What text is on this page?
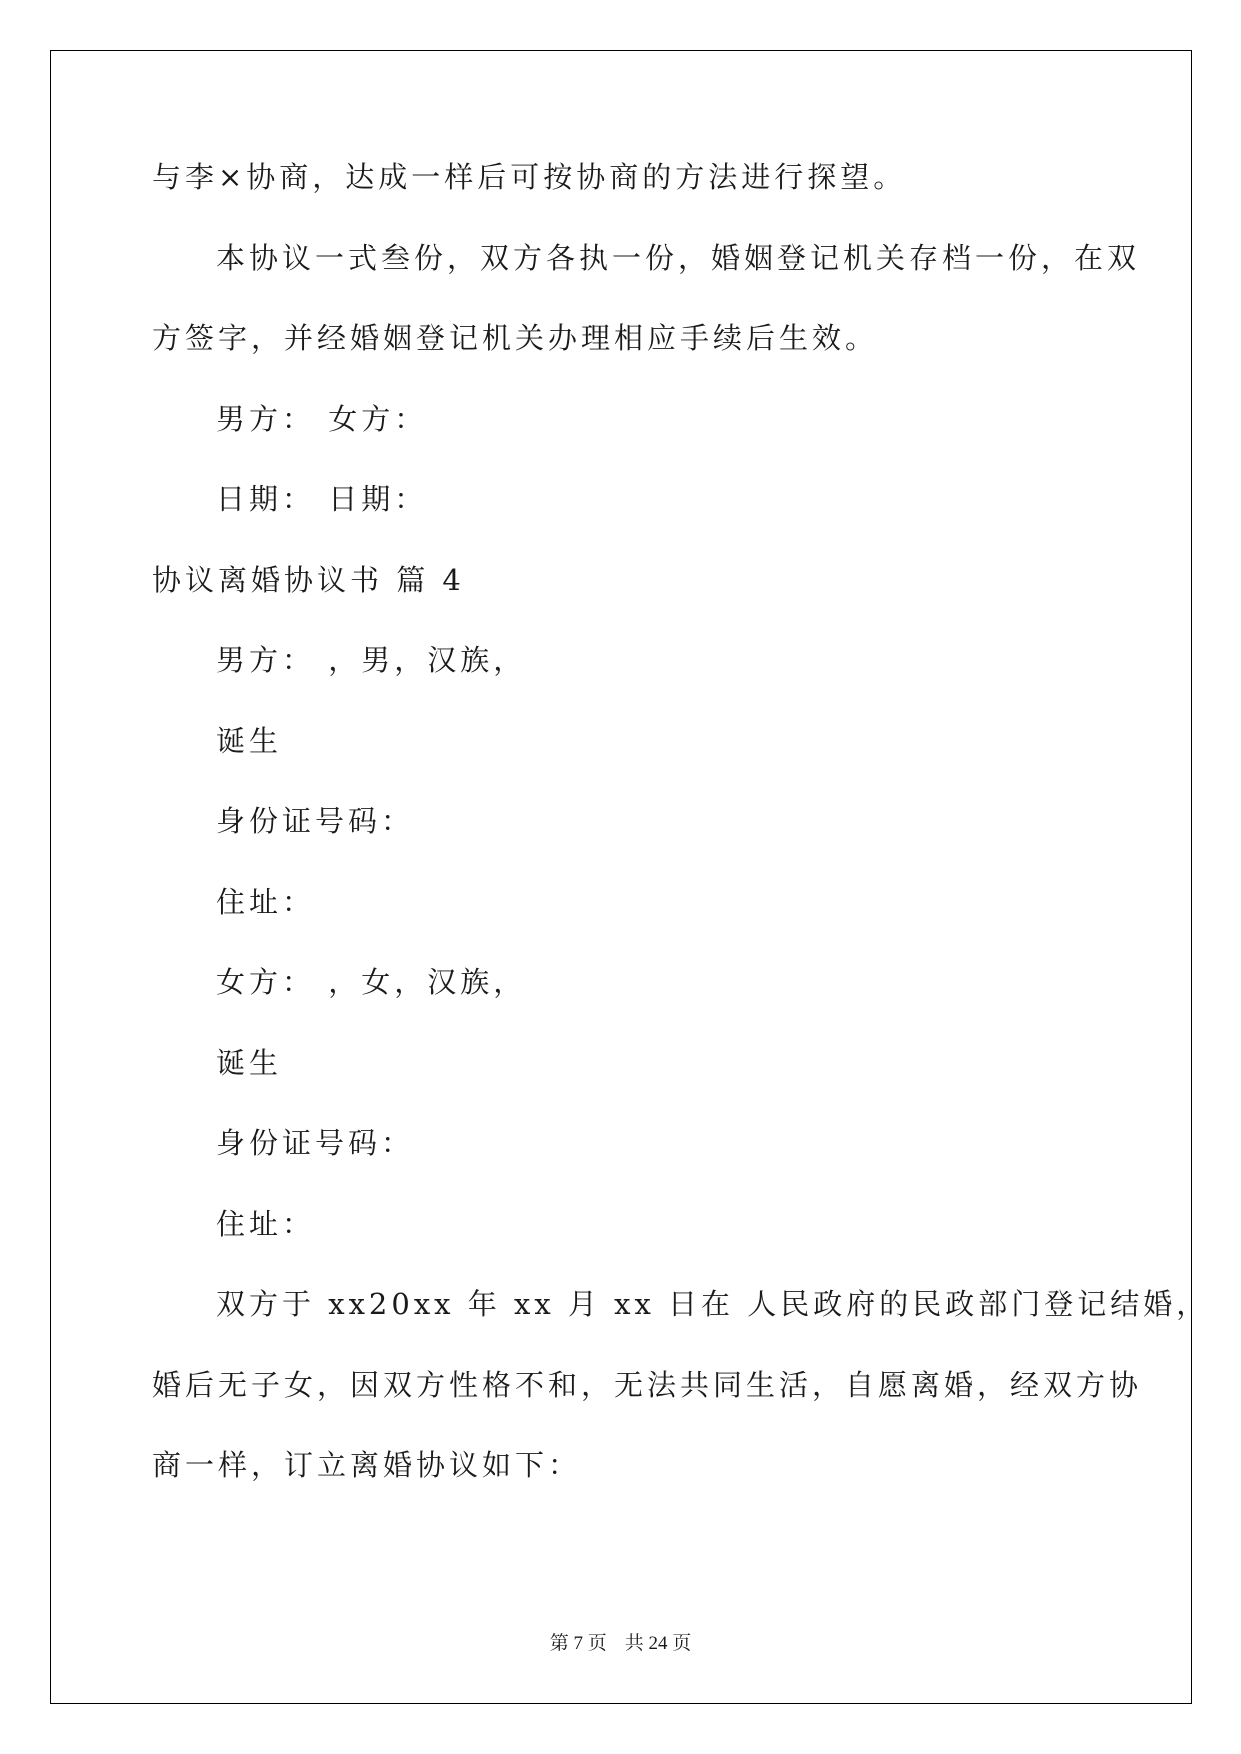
与李×协商，达成一样后可按协商的方法进行探望。
本协议一式叁份，双方各执一份，婚姻登记机关存档一份，在双
方签字，并经婚姻登记机关办理相应手续后生效。
男方： 女方：
日期： 日期：
协议离婚协议书 篇 4
男方： ，男，汉族，
诞生
身份证号码：
住址：
女方： ，女，汉族，
诞生
身份证号码：
住址：
双方于 xx20xx 年 xx 月 xx 日在 人民政府的民政部门登记结婚，
婚后无子女，因双方性格不和，无法共同生活，自愿离婚，经双方协
商一样，订立离婚协议如下：
第 7 页 共 24 页
